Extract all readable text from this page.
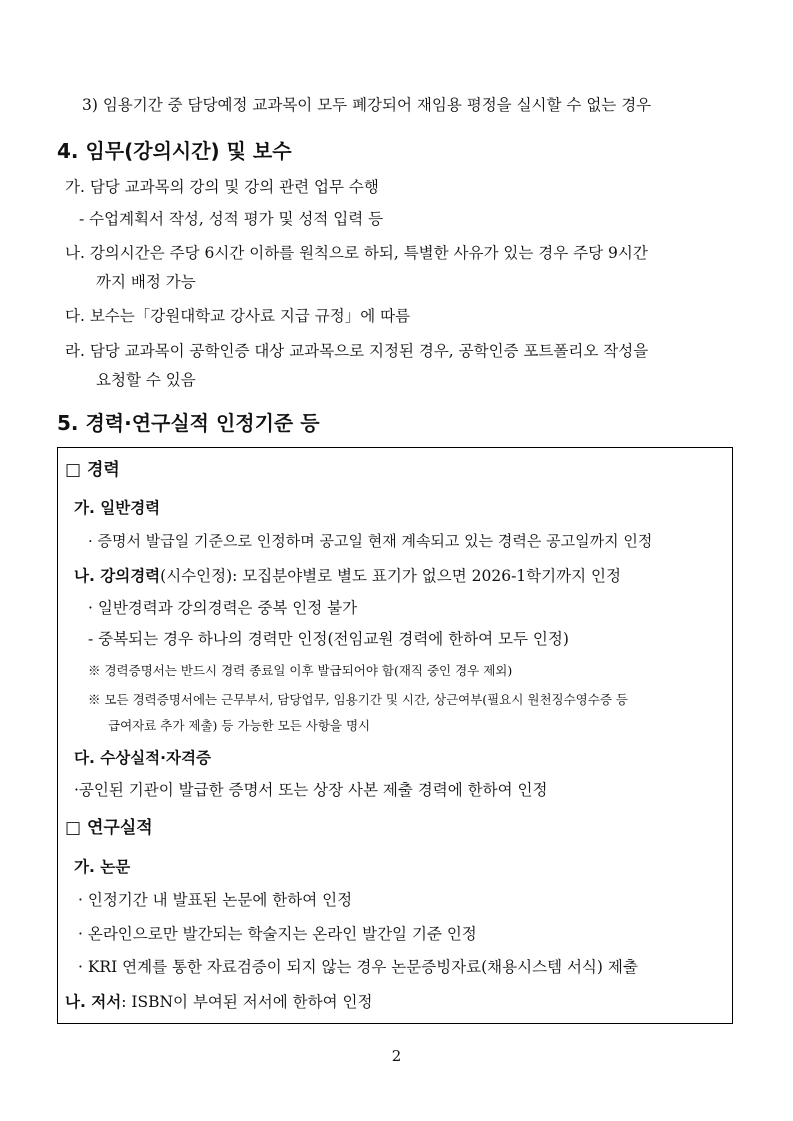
3) 임용기간 중 담당예정 교과목이 모두 폐강되어 재임용 평정을 실시할 수 없는 경우
4. 임무(강의시간) 및 보수
가. 담당 교과목의 강의 및 강의 관련 업무 수행
- 수업계획서 작성, 성적 평가 및 성적 입력 등
나. 강의시간은 주당 6시간 이하를 원칙으로 하되, 특별한 사유가 있는 경우 주당 9시간
까지 배정 가능
다. 보수는「강원대학교 강사료 지급 규정」에 따름
라. 담당 교과목이 공학인증 대상 교과목으로 지정된 경우, 공학인증 포트폴리오 작성을
요청할 수 있음
5. 경력·연구실적 인정기준 등
□ 경력
가. 일반경력
· 증명서 발급일 기준으로 인정하며 공고일 현재 계속되고 있는 경력은 공고일까지 인정
나. 강의경력(시수인정): 모집분야별로 별도 표기가 없으면 2026-1학기까지 인정
· 일반경력과 강의경력은 중복 인정 불가
- 중복되는 경우 하나의 경력만 인정(전임교원 경력에 한하여 모두 인정)
※ 경력증명서는 반드시 경력 종료일 이후 발급되어야 함(재직 중인 경우 제외)
※ 모든 경력증명서에는 근무부서, 담당업무, 임용기간 및 시간, 상근여부(필요시 원천징수영수증 등
급여자료 추가 제출) 등 가능한 모든 사항을 명시
다. 수상실적·자격증
·공인된 기관이 발급한 증명서 또는 상장 사본 제출 경력에 한하여 인정
□ 연구실적
가. 논문
· 인정기간 내 발표된 논문에 한하여 인정
· 온라인으로만 발간되는 학술지는 온라인 발간일 기준 인정
· KRI 연계를 통한 자료검증이 되지 않는 경우 논문증빙자료(채용시스템 서식) 제출
나. 저서: ISBN이 부여된 저서에 한하여 인정
2
